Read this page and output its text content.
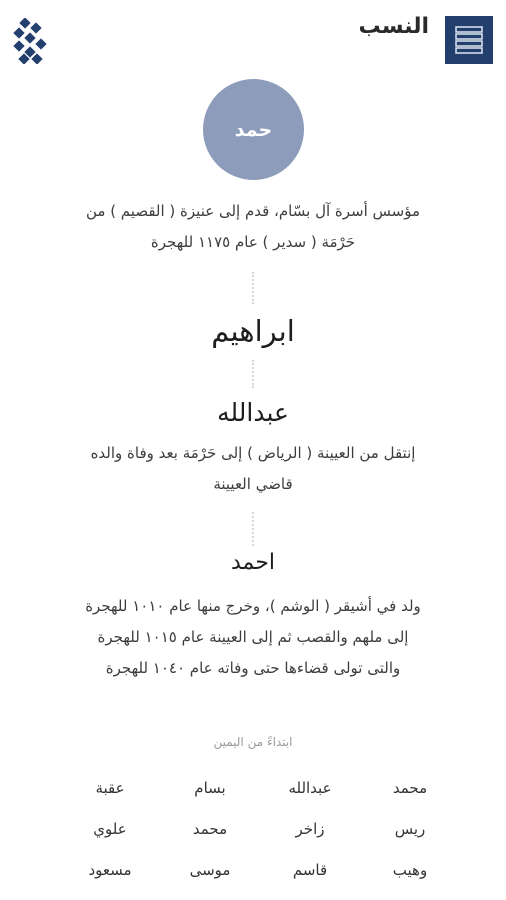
النسب
حمد

مؤسس أسرة آل بسّام، قدم إلى عنيزة ( القصيم ) من
حَرْمَة ( سدير ) عام ١١٧٥ للهجرة

ابراهيم
عبدالله

إنتقل من العيينة ( الرياض ) إلى حَرْمَة بعد وفاة والده
قاضي العيينة

احمد

ولد في أشيقر ( الوشم )، وخرج منها عام ١٠١٠ للهجرة
إلى ملهم والقصب ثم إلى العيينة عام ١٠١٥ للهجرة
والتى تولى قضاءها حتى وفاته عام ١٠٤٠ للهجرة

ابتداءً من اليمين
محمد
عبدالله
بسام
عقبة
ريس
زاخر
محمد
علوي
وهيب
قاسم
موسى
مسعود
